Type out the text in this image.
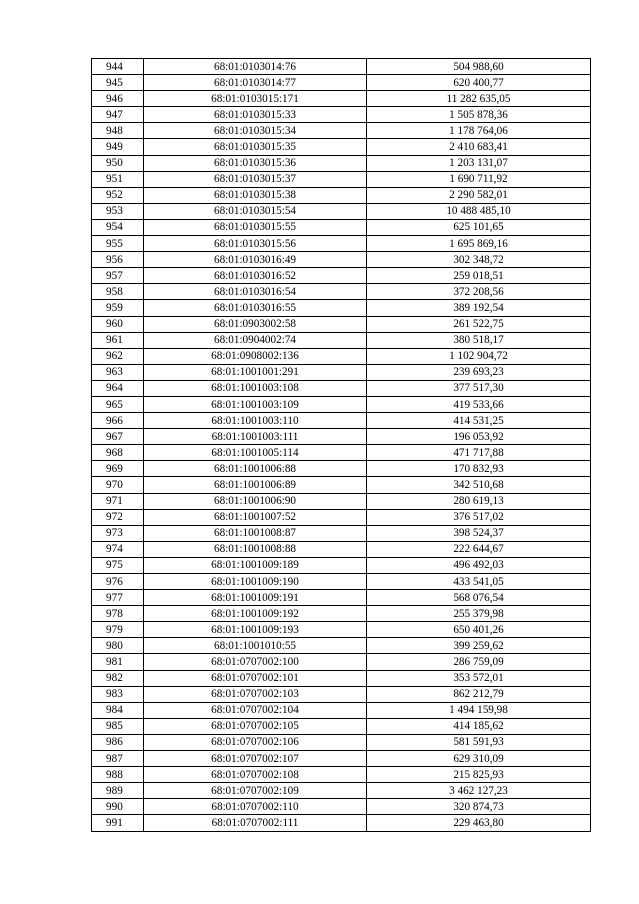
944	68:01:0103014:76	504 988,60
945	68:01:0103014:77	620 400,77
946	68:01:0103015:171	11 282 635,05
947	68:01:0103015:33	1 505 878,36
948	68:01:0103015:34	1 178 764,06
949	68:01:0103015:35	2 410 683,41
950	68:01:0103015:36	1 203 131,07
951	68:01:0103015:37	1 690 711,92
952	68:01:0103015:38	2 290 582,01
953	68:01:0103015:54	10 488 485,10
954	68:01:0103015:55	625 101,65
955	68:01:0103015:56	1 695 869,16
956	68:01:0103016:49	302 348,72
957	68:01:0103016:52	259 018,51
958	68:01:0103016:54	372 208,56
959	68:01:0103016:55	389 192,54
960	68:01:0903002:58	261 522,75
961	68:01:0904002:74	380 518,17
962	68:01:0908002:136	1 102 904,72
963	68:01:1001001:291	239 693,23
964	68:01:1001003:108	377 517,30
965	68:01:1001003:109	419 533,66
966	68:01:1001003:110	414 531,25
967	68:01:1001003:111	196 053,92
968	68:01:1001005:114	471 717,88
969	68:01:1001006:88	170 832,93
970	68:01:1001006:89	342 510,68
971	68:01:1001006:90	280 619,13
972	68:01:1001007:52	376 517,02
973	68:01:1001008:87	398 524,37
974	68:01:1001008:88	222 644,67
975	68:01:1001009:189	496 492,03
976	68:01:1001009:190	433 541,05
977	68:01:1001009:191	568 076,54
978	68:01:1001009:192	255 379,98
979	68:01:1001009:193	650 401,26
980	68:01:1001010:55	399 259,62
981	68:01:0707002:100	286 759,09
982	68:01:0707002:101	353 572,01
983	68:01:0707002:103	862 212,79
984	68:01:0707002:104	1 494 159,98
985	68:01:0707002:105	414 185,62
986	68:01:0707002:106	581 591,93
987	68:01:0707002:107	629 310,09
988	68:01:0707002:108	215 825,93
989	68:01:0707002:109	3 462 127,23
990	68:01:0707002:110	320 874,73
991	68:01:0707002:111	229 463,80
